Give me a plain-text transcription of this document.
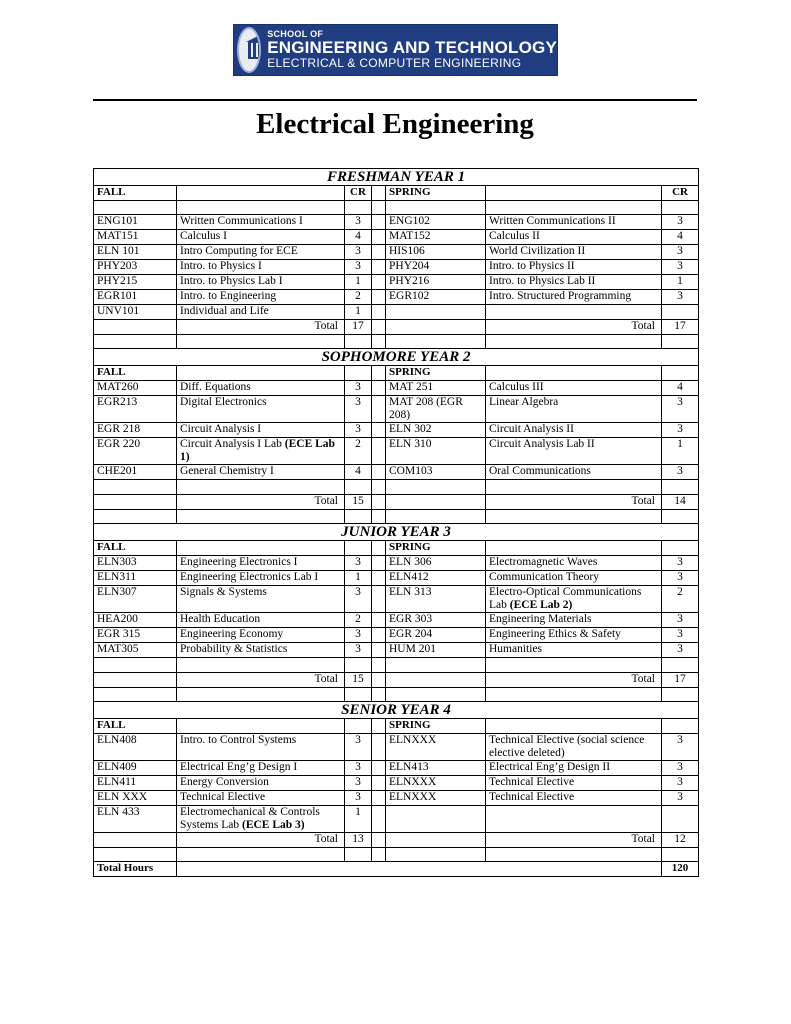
SCHOOL OF
ENGINEERING AND TECHNOLOGY
ELECTRICAL & COMPUTER ENGINEERING
Electrical Engineering
FRESHMAN YEAR 1						
FALL		CR		SPRING		CR

ENG101	Written Communications I	3		ENG102	Written Communications II	3
MAT151	Calculus I	4		MAT152	Calculus II	4
ELN 101	Intro Computing for ECE	3		HIS106	World Civilization II	3
PHY203	Intro. to Physics I	3		PHY204	Intro. to Physics II	3
PHY215	Intro. to Physics Lab I	1		PHY216	Intro. to Physics Lab II	1
EGR101	Intro. to Engineering	2		EGR102	Intro. Structured Programming	3
UNV101	Individual and Life	1				
	Total	17			Total	17

SOPHOMORE YEAR 2						
FALL				SPRING		
MAT260	Diff. Equations	3		MAT 251	Calculus III	4
EGR213	Digital Electronics	3		MAT 208 (EGR 208)	Linear Algebra	3
EGR 218	Circuit Analysis I	3		ELN 302	Circuit Analysis II	3
EGR 220	Circuit Analysis I Lab (ECE Lab 1)	2		ELN 310	Circuit Analysis Lab II	1
CHE201	General Chemistry I	4		COM103	Oral Communications	3

	Total	15			Total	14

JUNIOR YEAR 3						
FALL				SPRING		
ELN303	Engineering Electronics I	3		ELN 306	Electromagnetic Waves	3
ELN311	Engineering Electronics Lab I	1		ELN412	Communication Theory	3
ELN307	Signals & Systems	3		ELN 313	Electro-Optical Communications Lab (ECE Lab 2)	2
HEA200	Health Education	2		EGR 303	Engineering Materials	3
EGR 315	Engineering Economy	3		EGR 204	Engineering Ethics & Safety	3
MAT305	Probability & Statistics	3		HUM 201	Humanities	3

	Total	15			Total	17

SENIOR YEAR 4						
FALL				SPRING		
ELN408	Intro. to Control Systems	3		ELNXXX	Technical Elective (social science elective deleted)	3
ELN409	Electrical Eng’g Design I	3		ELN413	Electrical Eng’g Design II	3
ELN411	Energy Conversion	3		ELNXXX	Technical Elective	3
ELN XXX	Technical Elective	3		ELNXXX	Technical Elective	3
ELN 433	Electromechanical & Controls Systems Lab (ECE Lab 3)	1				
	Total	13			Total	12

Total Hours						120
